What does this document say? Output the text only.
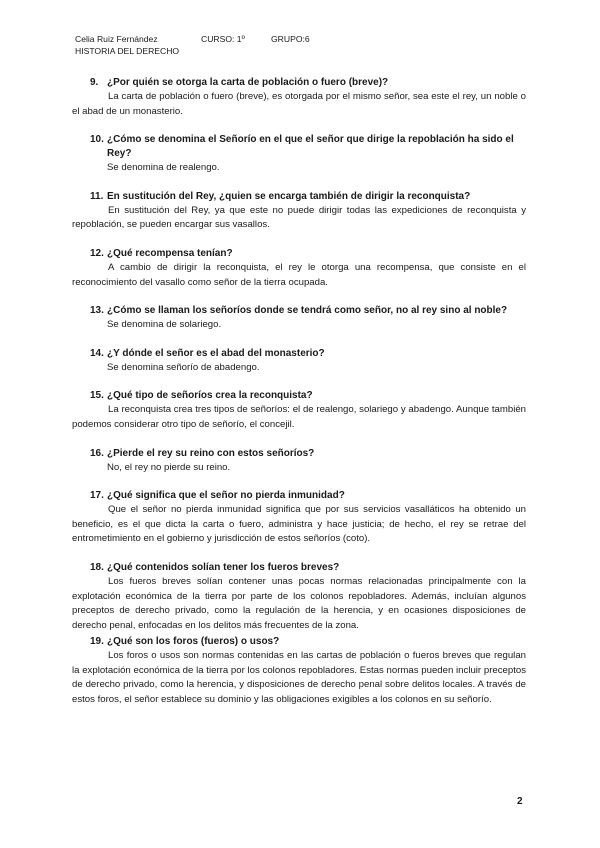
Celia Ruiz Fernández	CURSO: 1º	GRUPO:6
HISTORIA DEL DERECHO
9. ¿Por quién se otorga la carta de población o fuero (breve)?
La carta de población o fuero (breve), es otorgada por el mismo señor, sea este el rey, un noble o el abad de un monasterio.
10. ¿Cómo se denomina el Señorío en el que el señor que dirige la repoblación ha sido el Rey?
Se denomina de realengo.
11. En sustitución del Rey, ¿quien se encarga también de dirigir la reconquista?
En sustitución del Rey, ya que este no puede dirigir todas las expediciones de reconquista y repoblación, se pueden encargar sus vasallos.
12. ¿Qué recompensa tenían?
A cambio de dirigir la reconquista, el rey le otorga una recompensa, que consiste en el reconocimiento del vasallo como señor de la tierra ocupada.
13. ¿Cómo se llaman los señoríos donde se tendrá como señor, no al rey sino al noble?
Se denomina de solariego.
14. ¿Y dónde el señor es el abad del monasterio?
Se denomina señorío de abadengo.
15. ¿Qué tipo de señoríos crea la reconquista?
La reconquista crea tres tipos de señoríos: el de realengo, solariego y abadengo. Aunque también podemos considerar otro tipo de señorío, el concejil.
16. ¿Pierde el rey su reino con estos señoríos?
No, el rey no pierde su reino.
17. ¿Qué significa que el señor no pierda inmunidad?
Que el señor no pierda inmunidad significa que por sus servicios vasalláticos ha obtenido un beneficio, es el que dicta la carta o fuero, administra y hace justicia; de hecho, el rey se retrae del entrometimiento en el gobierno y jurisdicción de estos señoríos (coto).
18. ¿Qué contenidos solían tener los fueros breves?
Los fueros breves solían contener unas pocas normas relacionadas principalmente con la explotación económica de la tierra por parte de los colonos repobladores. Además, incluían algunos preceptos de derecho privado, como la regulación de la herencia, y en ocasiones disposiciones de derecho penal, enfocadas en los delitos más frecuentes de la zona.
19. ¿Qué son los foros (fueros) o usos?
Los foros o usos son normas contenidas en las cartas de población o fueros breves que regulan la explotación económica de la tierra por los colonos repobladores. Estas normas pueden incluir preceptos de derecho privado, como la herencia, y disposiciones de derecho penal sobre delitos locales. A través de estos foros, el señor establece su dominio y las obligaciones exigibles a los colonos en su señorío.
2
